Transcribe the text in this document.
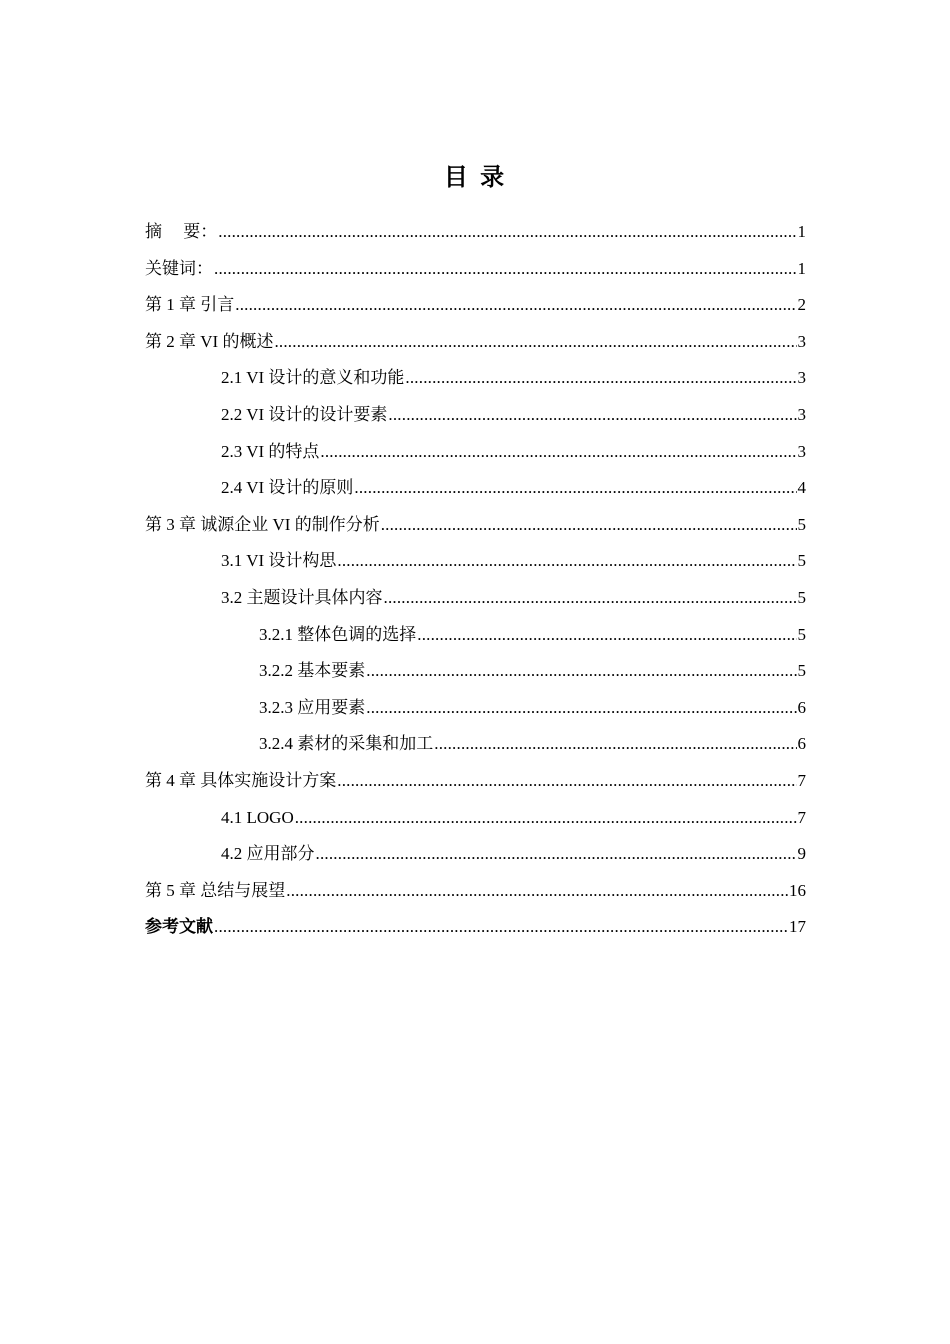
目 录
摘　 要： .....	1
关键词： .....	1
第 1 章 引言 .....	2
第 2 章 VI 的概述 .....	3
2.1 VI 设计的意义和功能 .....	3
2.2 VI 设计的设计要素 .....	3
2.3 VI 的特点 .....	3
2.4 VI 设计的原则 .....	4
第 3 章 诚源企业 VI 的制作分析 .....	5
3.1 VI 设计构思 .....	5
3.2 主题设计具体内容 .....	5
3.2.1 整体色调的选择 .....	5
3.2.2 基本要素 .....	5
3.2.3 应用要素 .....	6
3.2.4 素材的采集和加工 .....	6
第 4 章 具体实施设计方案 .....	7
4.1 LOGO .....	7
4.2 应用部分 .....	9
第 5 章 总结与展望 .....	16
参考文献 .....	17
